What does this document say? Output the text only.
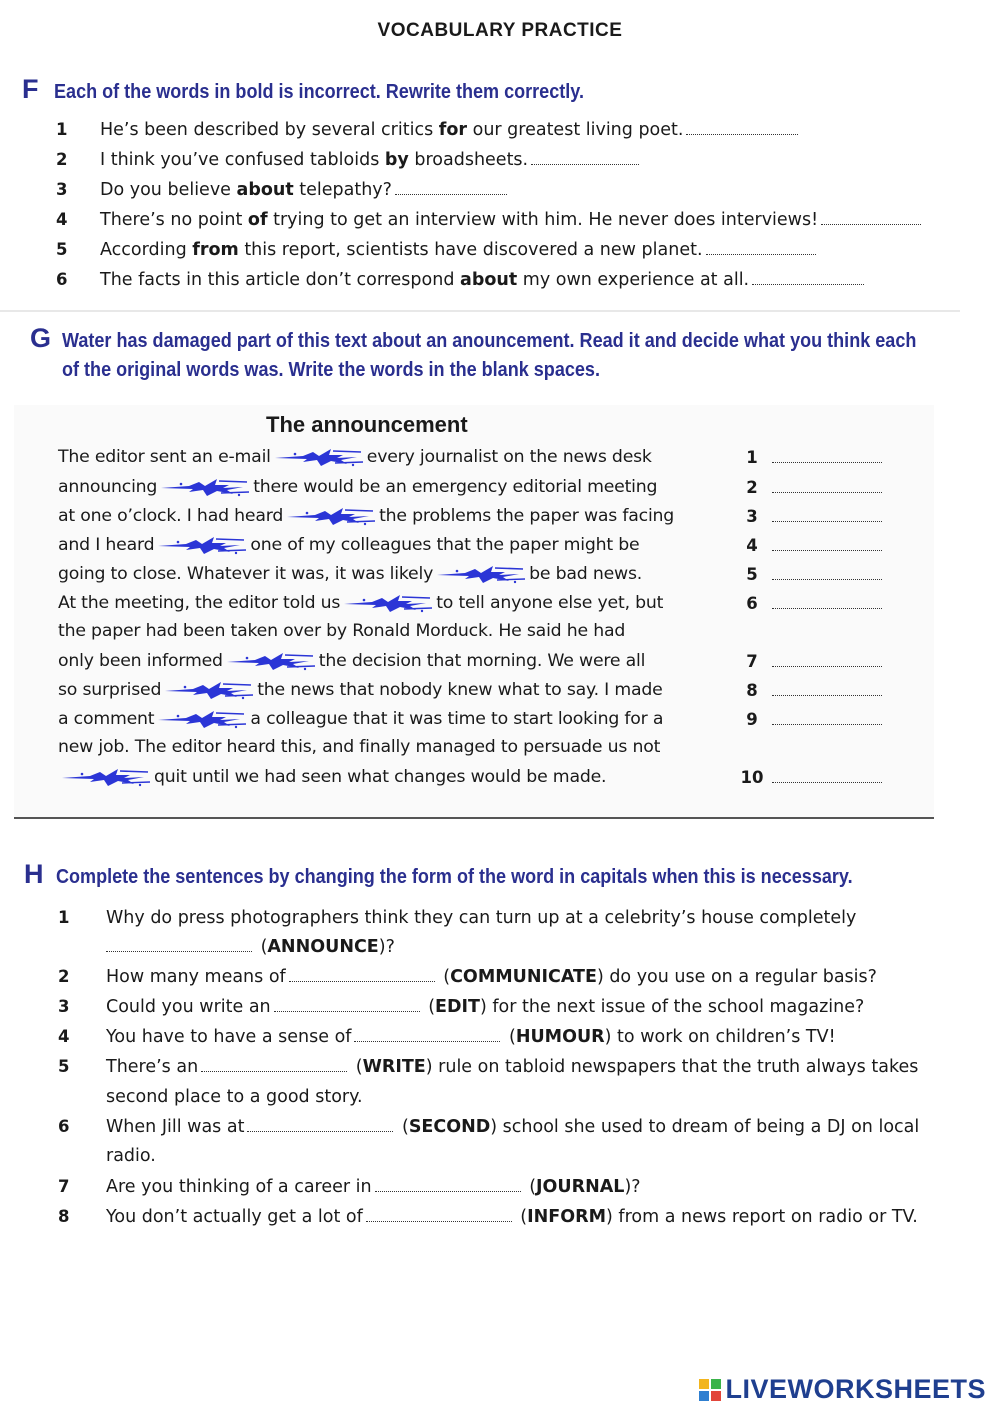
VOCABULARY PRACTICE
F Each of the words in bold is incorrect. Rewrite them correctly.
1 He’s been described by several critics for our greatest living poet.
2 I think you’ve confused tabloids by broadsheets.
3 Do you believe about telepathy?
4 There’s no point of trying to get an interview with him. He never does interviews!
5 According from this report, scientists have discovered a new planet.
6 The facts in this article don’t correspond about my own experience at all.
G Water has damaged part of this text about an anouncement. Read it and decide what you think each of the original words was. Write the words in the blank spaces.
The announcement
The editor sent an e-mail	every journalist on the news desk
announcing	there would be an emergency editorial meeting
at one o’clock. I had heard	the problems the paper was facing
and I heard	one of my colleagues that the paper might be
going to close. Whatever it was, it was likely	be bad news.
At the meeting, the editor told us	to tell anyone else yet, but
the paper had been taken over by Ronald Morduck. He said he had
only been informed	the decision that morning. We were all
so surprised	the news that nobody knew what to say. I made
a comment	a colleague that it was time to start looking for a
new job. The editor heard this, and finally managed to persuade us not
quit until we had seen what changes would be made.
1
2
3
4
5
6
7
8
9
10
H Complete the sentences by changing the form of the word in capitals when this is necessary.
1 Why do press photographers think they can turn up at a celebrity’s house completely
(ANNOUNCE)?
2 How many means of	(COMMUNICATE) do you use on a regular basis?
3 Could you write an	(EDIT) for the next issue of the school magazine?
4 You have to have a sense of	(HUMOUR) to work on children’s TV!
5 There’s an	(WRITE) rule on tabloid newspapers that the truth always takes
second place to a good story.
6 When Jill was at	(SECOND) school she used to dream of being a DJ on local
radio.
7 Are you thinking of a career in	(JOURNAL)?
8 You don’t actually get a lot of	(INFORM) from a news report on radio or TV.
LIVEWORKSHEETS
